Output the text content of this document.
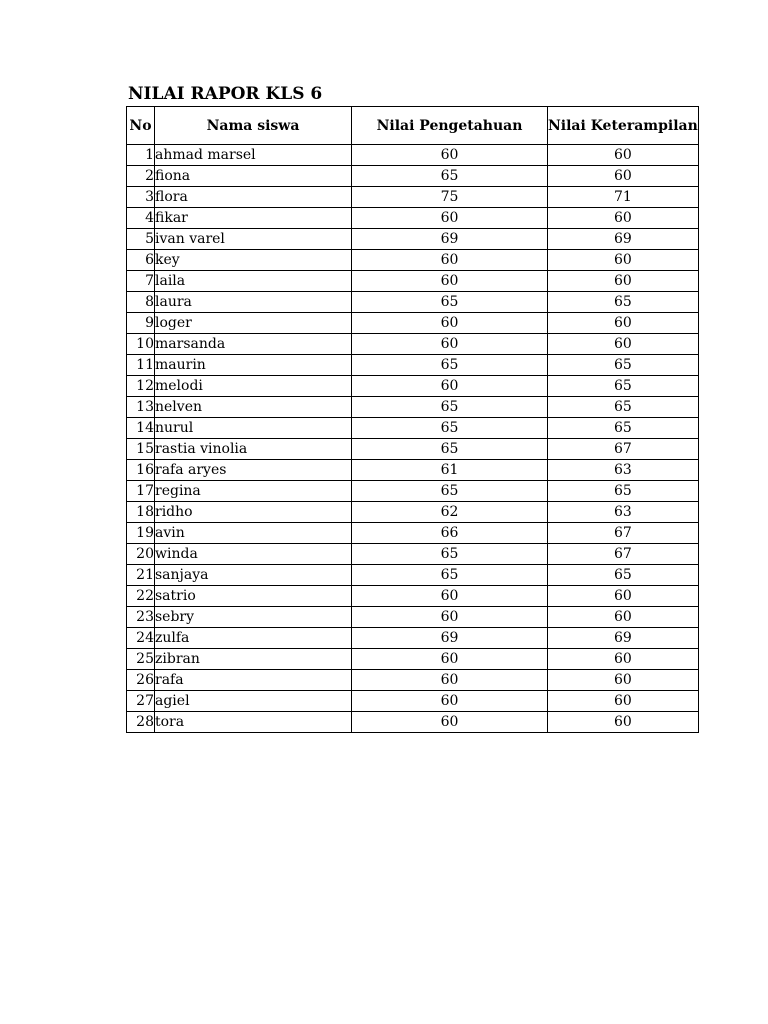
NILAI RAPOR KLS 6
No	Nama siswa	Nilai Pengetahuan	Nilai Keterampilan
1	ahmad marsel	60	60
2	fiona	65	60
3	flora	75	71
4	fikar	60	60
5	ivan varel	69	69
6	key	60	60
7	laila	60	60
8	laura	65	65
9	loger	60	60
10	marsanda	60	60
11	maurin	65	65
12	melodi	60	65
13	nelven	65	65
14	nurul	65	65
15	rastia vinolia	65	67
16	rafa aryes	61	63
17	regina	65	65
18	ridho	62	63
19	avin	66	67
20	winda	65	67
21	sanjaya	65	65
22	satrio	60	60
23	sebry	60	60
24	zulfa	69	69
25	zibran	60	60
26	rafa	60	60
27	agiel	60	60
28	tora	60	60
